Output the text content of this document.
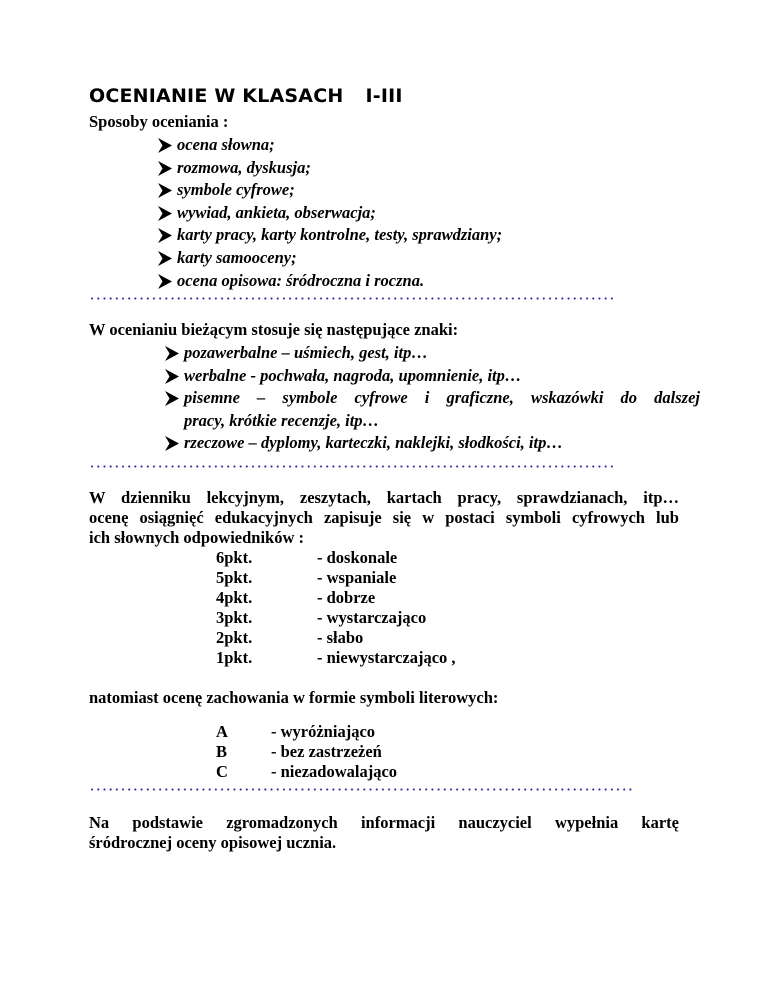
OCENIANIE W KLASACH I-III
Sposoby oceniania :
ocena słowna;
rozmowa, dyskusja;
symbole cyfrowe;
wywiad, ankieta, obserwacja;
karty pracy, karty kontrolne, testy, sprawdziany;
karty samooceny;
ocena opisowa: śródroczna i roczna.
W ocenianiu bieżącym stosuje się następujące znaki:
pozawerbalne – uśmiech, gest, itp…
werbalne - pochwała, nagroda, upomnienie, itp…
pisemne – symbole cyfrowe i graficzne, wskazówki do dalszej
pracy, krótkie recenzje, itp…
rzeczowe – dyplomy, karteczki, naklejki, słodkości, itp…
W dzienniku lekcyjnym, zeszytach, kartach pracy, sprawdzianach, itp…
ocenę osiągnięć edukacyjnych zapisuje się w postaci symboli cyfrowych lub
ich słownych odpowiedników :
6pkt.	- doskonale
5pkt.	- wspaniale
4pkt.	- dobrze
3pkt.	- wystarczająco
2pkt.	- słabo
1pkt.	- niewystarczająco ,
natomiast ocenę zachowania w formie symboli literowych:
A	- wyróżniająco
B	- bez zastrzeżeń
C	- niezadowalająco
Na podstawie zgromadzonych informacji nauczyciel wypełnia kartę
śródrocznej oceny opisowej ucznia.
